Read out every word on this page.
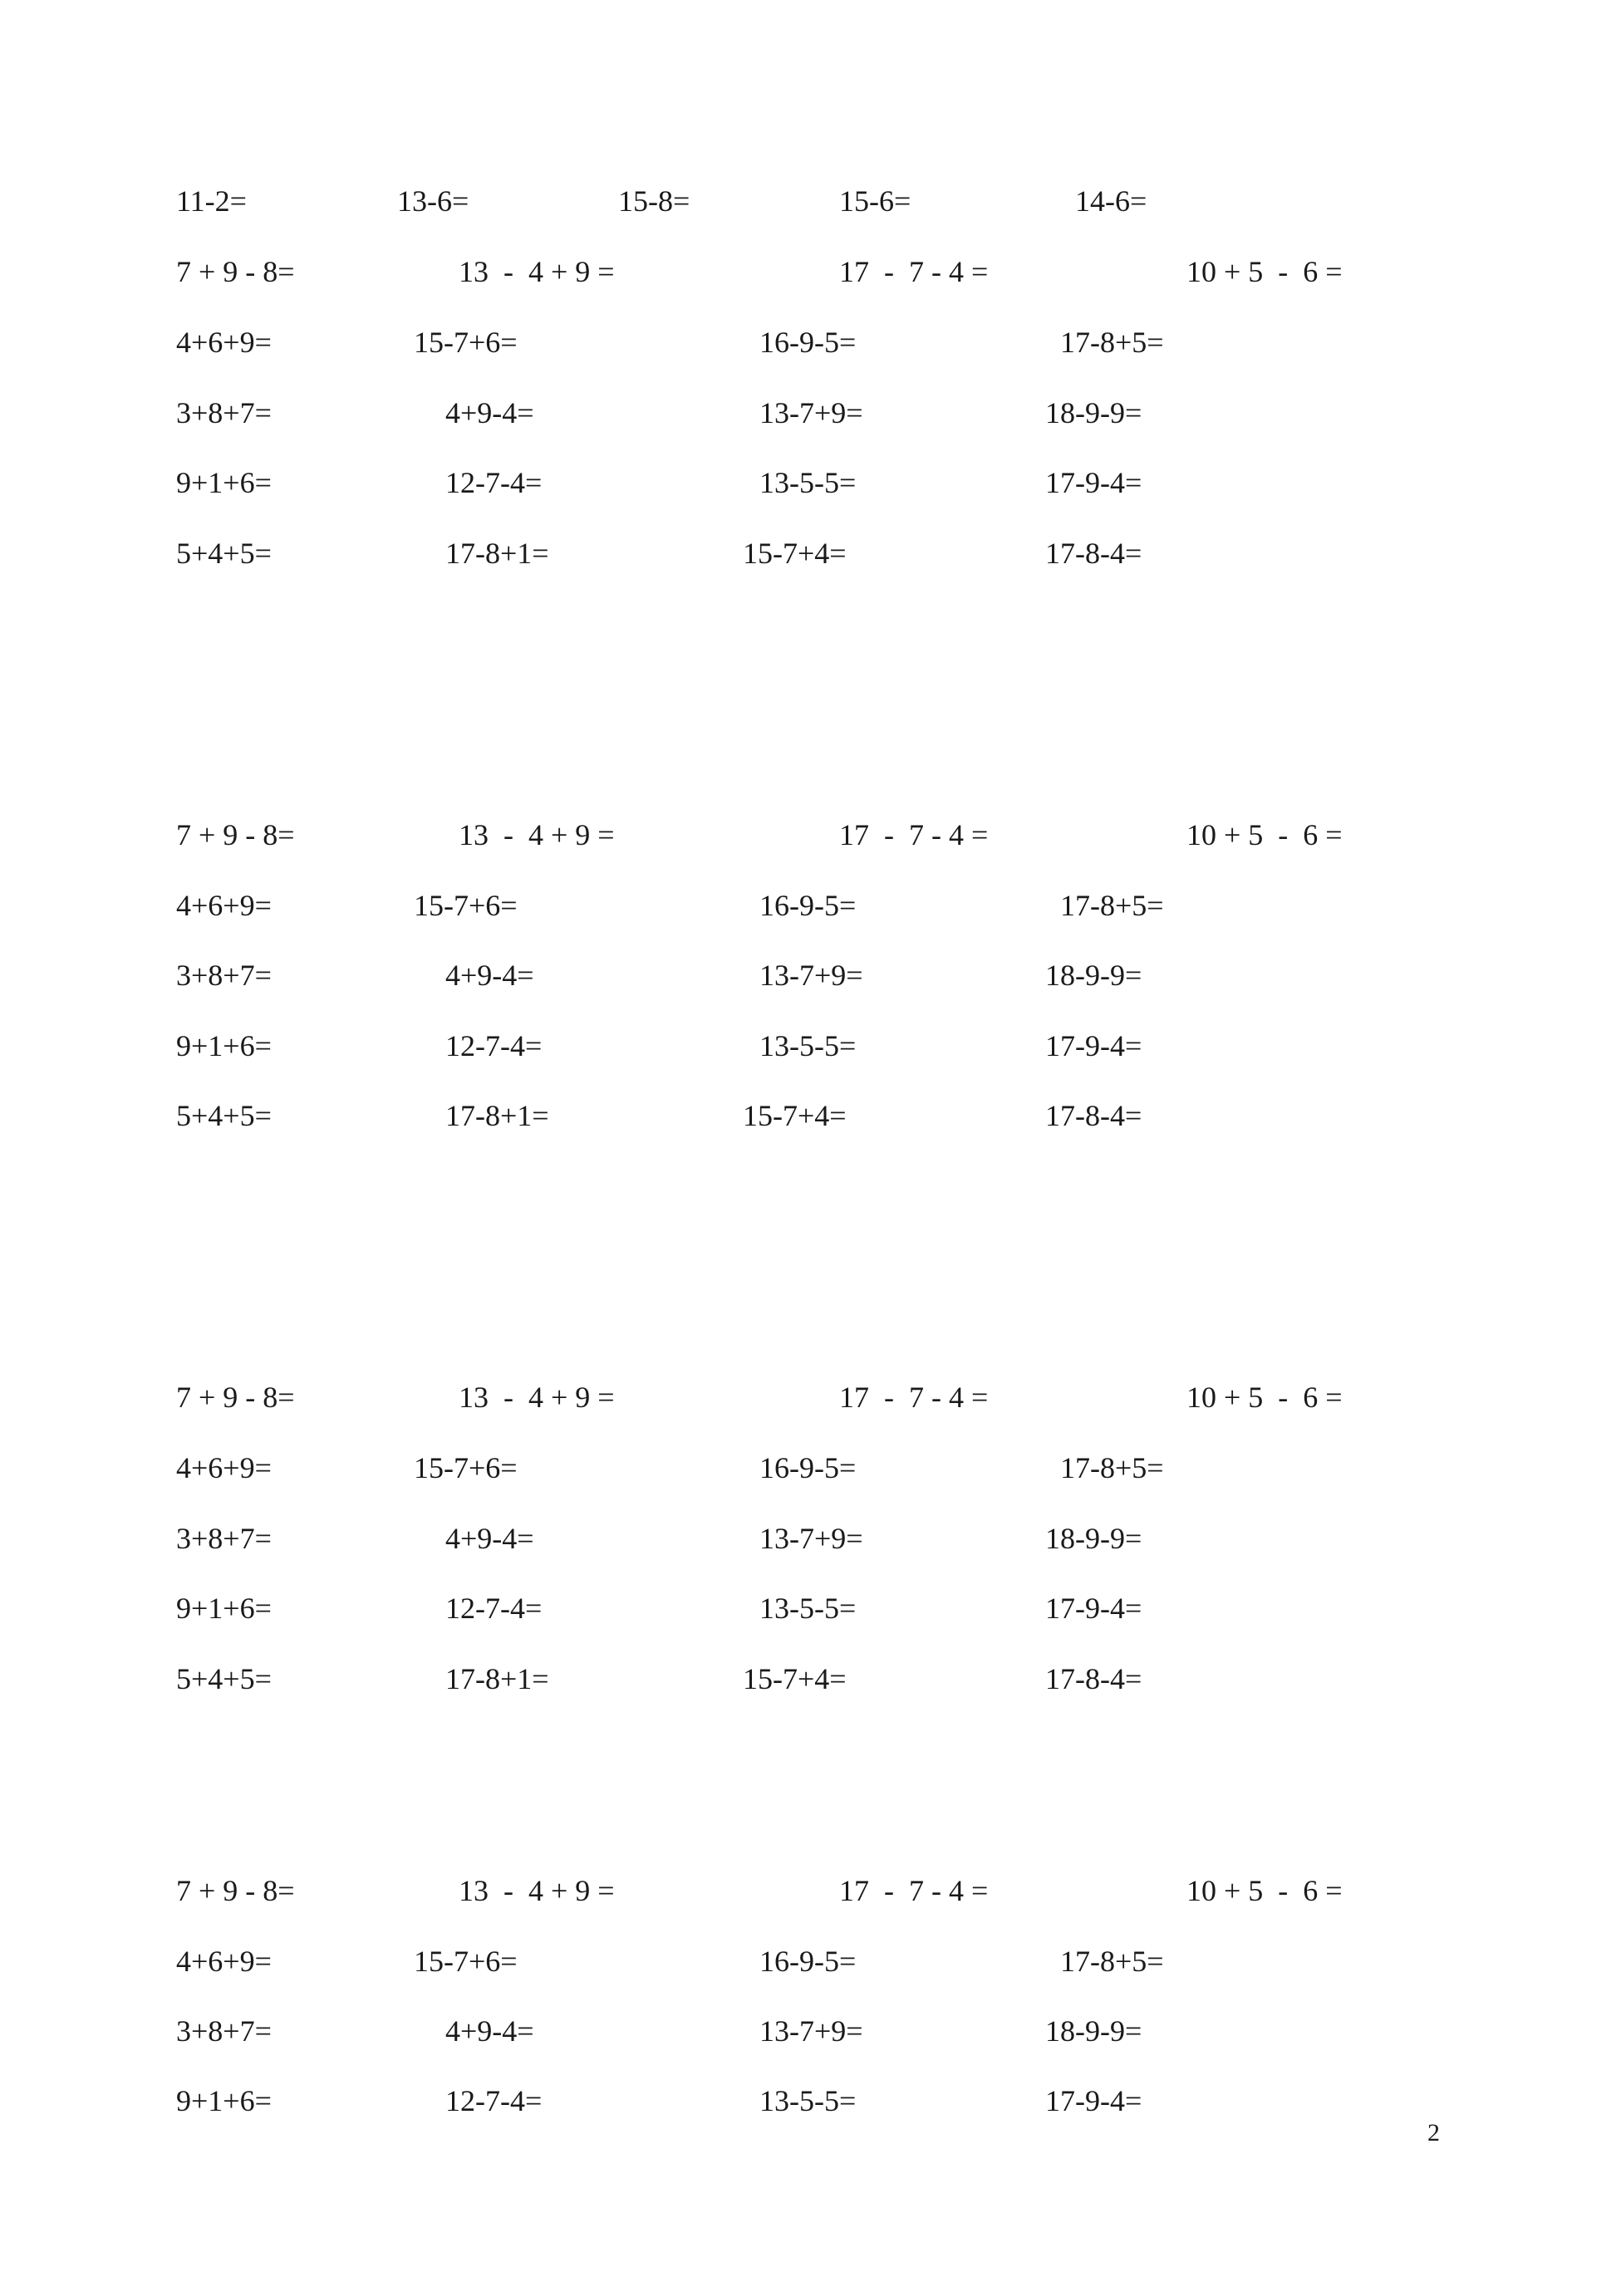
11-2=	13-6=	15-8=	15-6=	14-6=
7 + 9 - 8=	13  -  4 + 9 =	17  -  7 - 4 =	10 + 5  -  6 =
4+6+9=	15-7+6=	16-9-5=	17-8+5=
3+8+7=	4+9-4=	13-7+9=	18-9-9=
9+1+6=	12-7-4=	13-5-5=	17-9-4=
5+4+5=	17-8+1=	15-7+4=	17-8-4=
7 + 9 - 8=	13  -  4 + 9 =	17  -  7 - 4 =	10 + 5  -  6 =
4+6+9=	15-7+6=	16-9-5=	17-8+5=
3+8+7=	4+9-4=	13-7+9=	18-9-9=
9+1+6=	12-7-4=	13-5-5=	17-9-4=
5+4+5=	17-8+1=	15-7+4=	17-8-4=
7 + 9 - 8=	13  -  4 + 9 =	17  -  7 - 4 =	10 + 5  -  6 =
4+6+9=	15-7+6=	16-9-5=	17-8+5=
3+8+7=	4+9-4=	13-7+9=	18-9-9=
9+1+6=	12-7-4=	13-5-5=	17-9-4=
5+4+5=	17-8+1=	15-7+4=	17-8-4=
7 + 9 - 8=	13  -  4 + 9 =	17  -  7 - 4 =	10 + 5  -  6 =
4+6+9=	15-7+6=	16-9-5=	17-8+5=
3+8+7=	4+9-4=	13-7+9=	18-9-9=
9+1+6=	12-7-4=	13-5-5=	17-9-4=
2
